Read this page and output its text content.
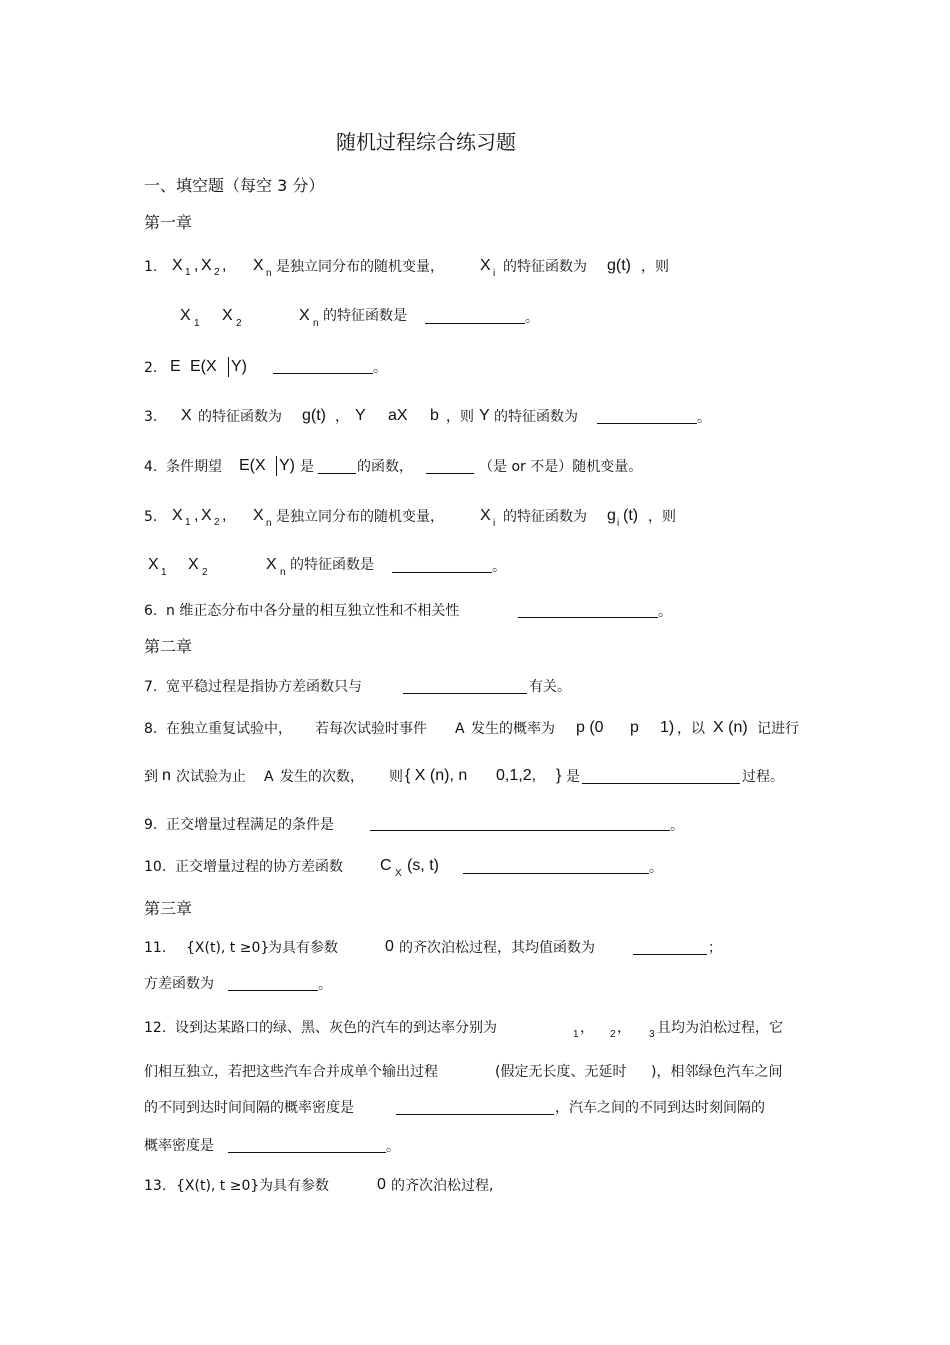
随机过程综合练习题
一、填空题（每空 3 分）
第一章
1. X 1 , X 2 , X n 是独立同分布的随机变量， X i 的特征函数为 g(t) ，则
X 1 X 2	X n 的特征函数是	。
2. E E(X Y)	。
3. X 的特征函数为 g(t) ， Y aX b ，则 Y 的特征函数为	。
4. 条件期望 E(X Y) 是	的函数，	（是 or 不是）随机变量。
5. X 1 , X 2 , X n 是独立同分布的随机变量， X i 的特征函数为 g i (t) ，则
X 1 X 2	X n 的特征函数是	。
6. n 维正态分布中各分量的相互独立性和不相关性	。
第二章
7. 宽平稳过程是指协方差函数只与	有关。
8. 在独立重复试验中， 若每次试验时事件 A 发生的概率为 p (0 p 1) ，以 X (n) 记进行
到 n 次试验为止 A 发生的次数， 则 { X (n), n 0,1,2, } 是	过程。
9. 正交增量过程满足的条件是	。
10. 正交增量过程的协方差函数 C X (s, t)	。
第三章
11. {X(t), t ≥0}
为具有参数	0 的齐次泊松过程，其均值函数为	；
方差函数为	。
12. 设到达某路口的绿、黑、灰色的汽车的到达率分别为	1 ， 2 ， 3 且均为泊松过程，它
们相互独立，若把这些汽车合并成单个输出过程	(假定无长度、无延时 )，相邻绿色汽车之间
的不同到达时间间隔的概率密度是	，汽车之间的不同到达时刻间隔的
概率密度是	。
13. {X(t), t ≥0} 为具有参数	0 的齐次泊松过程,
